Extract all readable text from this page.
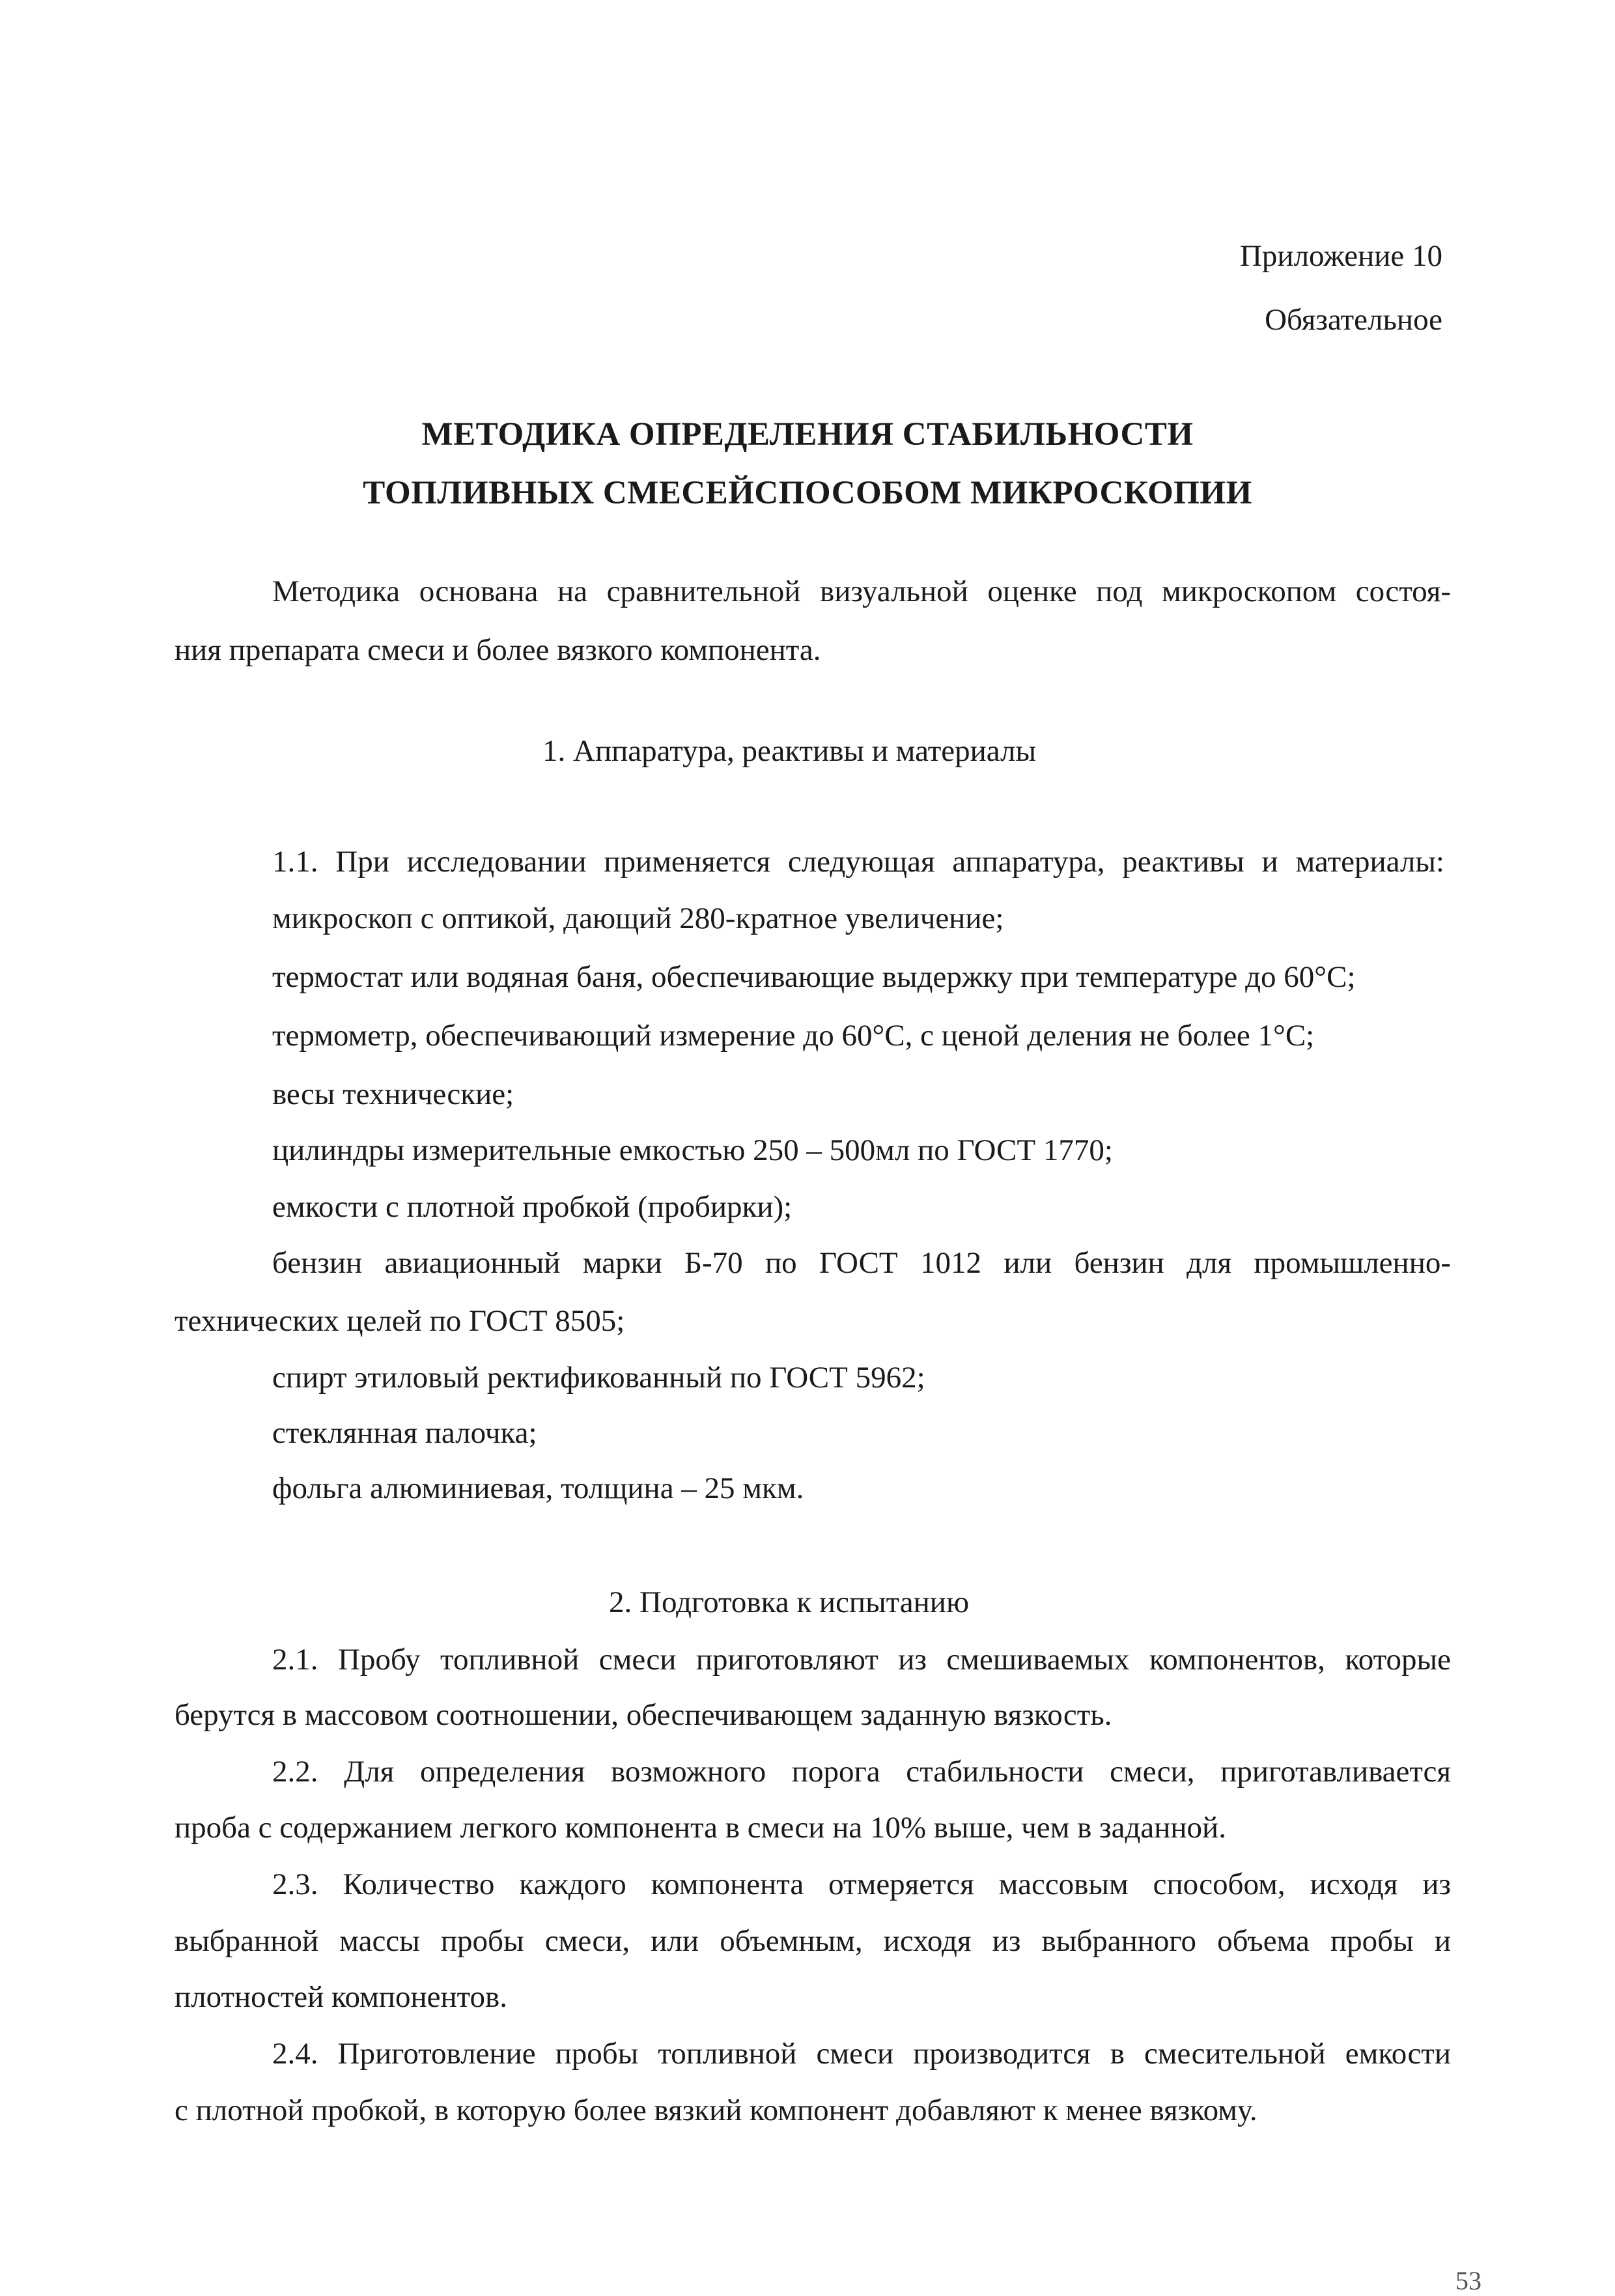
Приложение 10
Обязательное
МЕТОДИКА ОПРЕДЕЛЕНИЯ СТАБИЛЬНОСТИ
ТОПЛИВНЫХ СМЕСЕЙСПОСОБОМ МИКРОСКОПИИ
Методика основана на сравнительной визуальной оценке под микроскопом состоя-
ния препарата смеси и более вязкого компонента.
1. Аппаратура, реактивы и материалы
1.1. При исследовании применяется следующая аппаратура, реактивы и материалы:
микроскоп с оптикой, дающий 280-кратное увеличение;
термостат или водяная баня, обеспечивающие выдержку при температуре до 60°С;
термометр, обеспечивающий измерение до 60°С, с ценой деления не более 1°С;
весы технические;
цилиндры измерительные емкостью 250 – 500мл по ГОСТ 1770;
емкости с плотной пробкой (пробирки);
бензин авиационный марки Б-70 по ГОСТ 1012 или бензин для промышленно-
технических целей по ГОСТ 8505;
спирт этиловый ректификованный по ГОСТ 5962;
стеклянная палочка;
фольга алюминиевая, толщина – 25 мкм.
2. Подготовка к испытанию
2.1. Пробу топливной смеси приготовляют из смешиваемых компонентов, которые
берутся в массовом соотношении, обеспечивающем заданную вязкость.
2.2. Для определения возможного порога стабильности смеси, приготавливается
проба с содержанием легкого компонента в смеси на 10% выше, чем в заданной.
2.3. Количество каждого компонента отмеряется массовым способом, исходя из
выбранной массы пробы смеси, или объемным, исходя из выбранного объема пробы и
плотностей компонентов.
2.4. Приготовление пробы топливной смеси производится в смесительной емкости
с плотной пробкой, в которую более вязкий компонент добавляют к менее вязкому.
53
